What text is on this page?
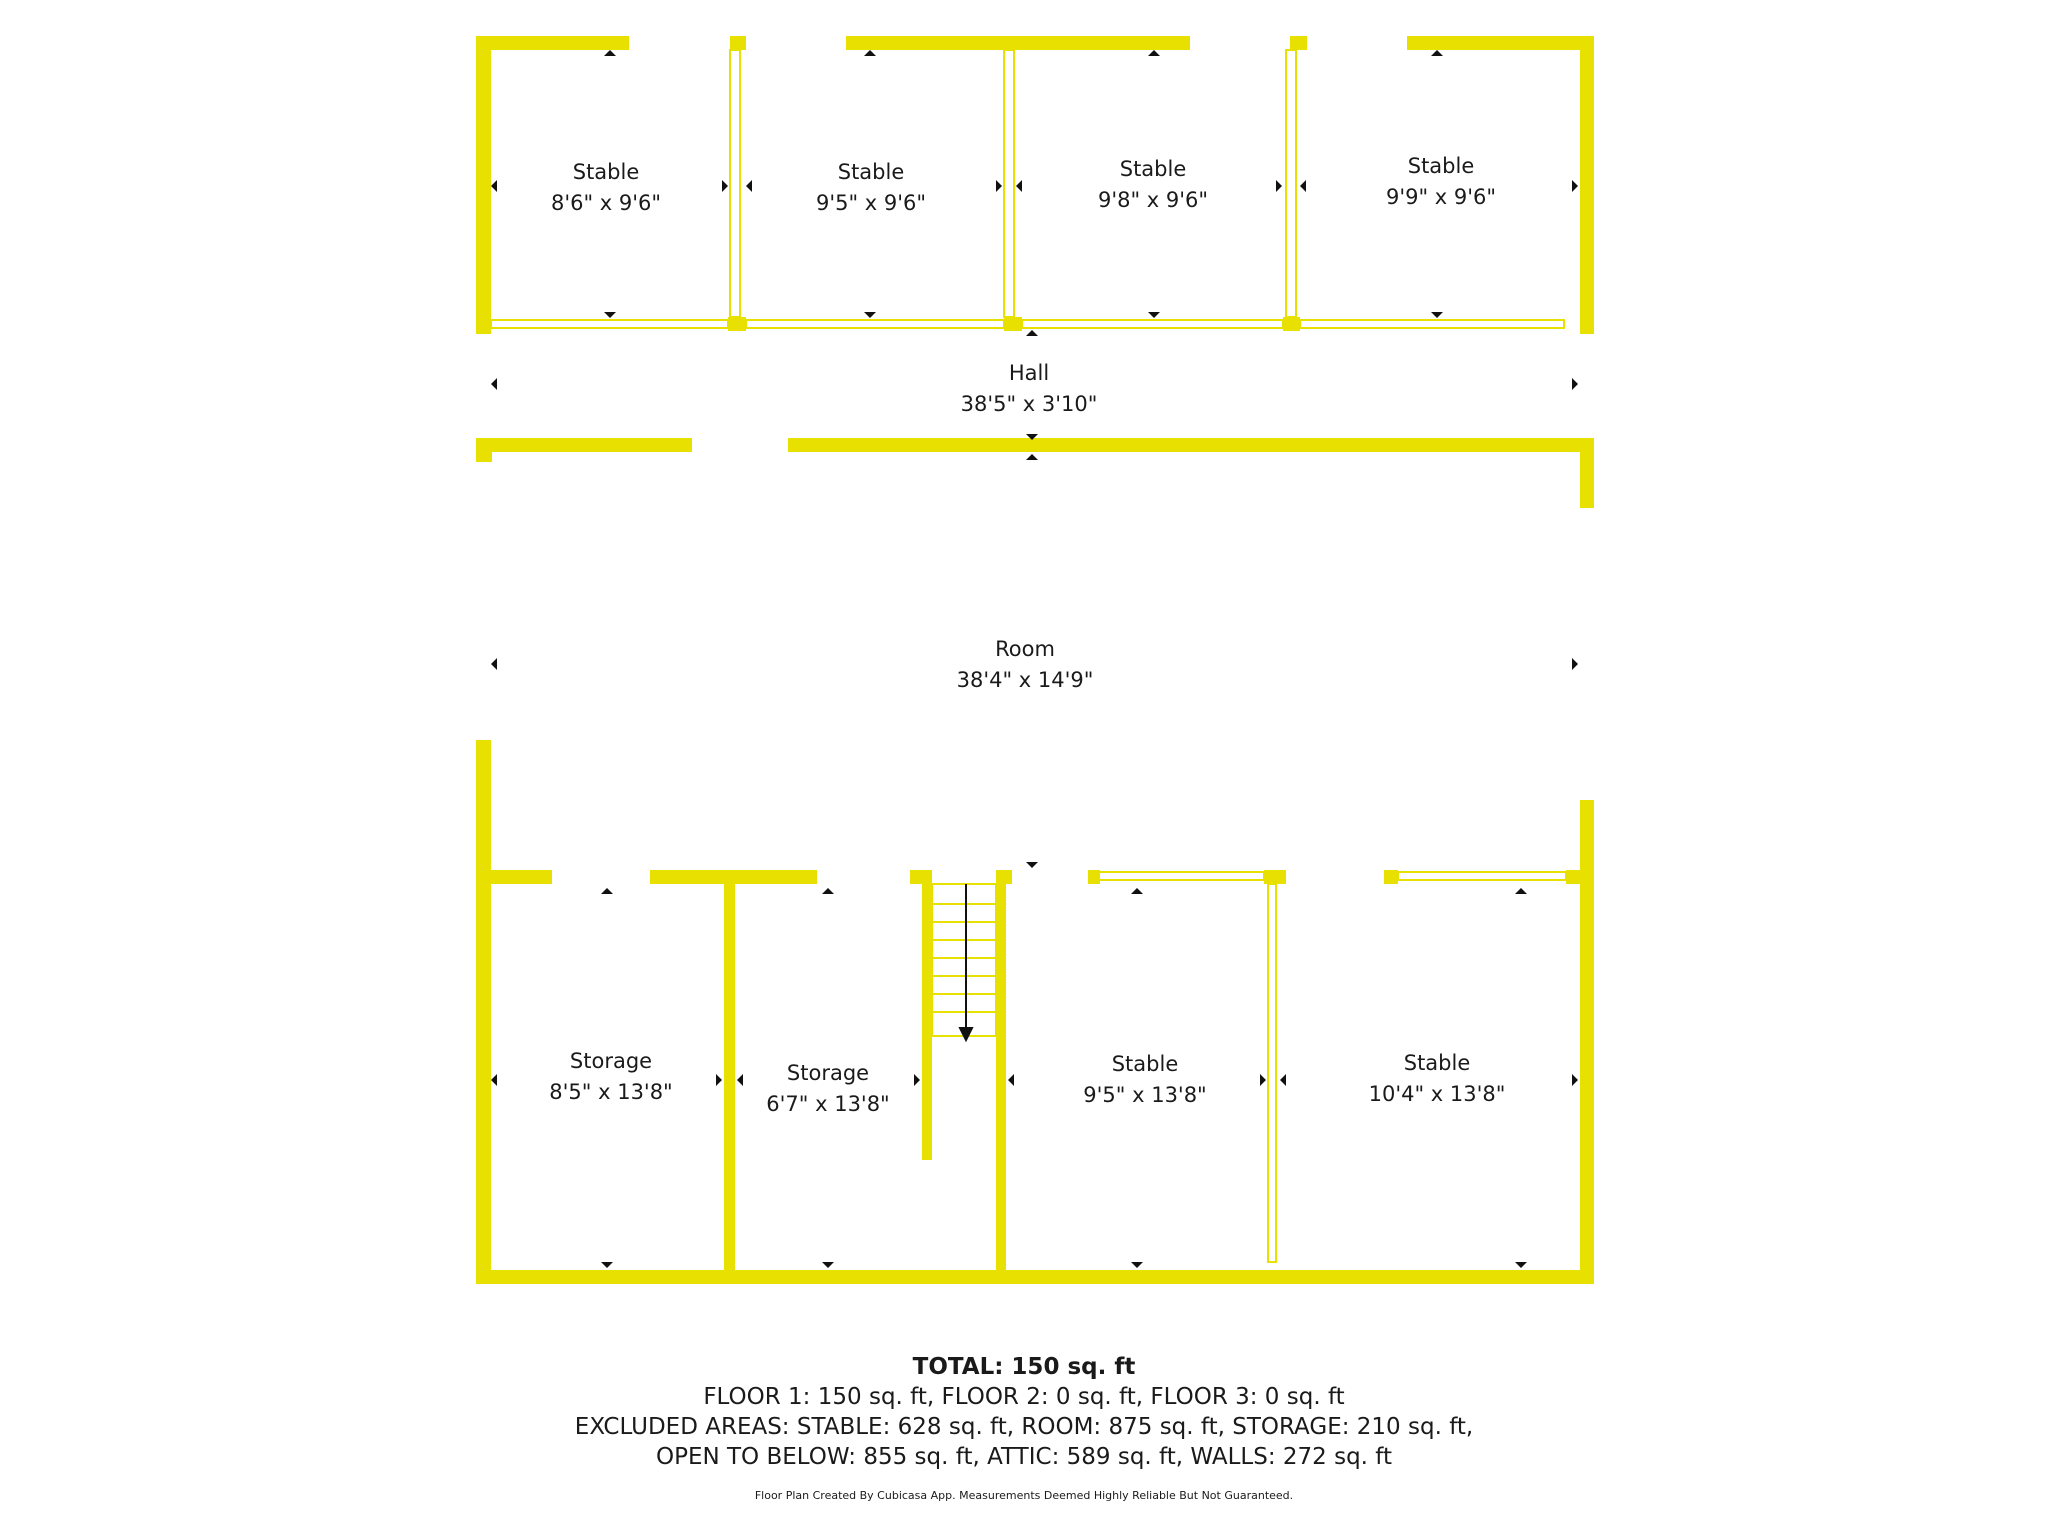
Stable
8'6" x 9'6"
Stable
9'5" x 9'6"
Stable
9'8" x 9'6"
Stable
9'9" x 9'6"
Hall
38'5" x 3'10"
Room
38'4" x 14'9"
Storage
8'5" x 13'8"
Storage
6'7" x 13'8"
Stable
9'5" x 13'8"
Stable
10'4" x 13'8"
TOTAL: 150 sq. ft
FLOOR 1: 150 sq. ft, FLOOR 2: 0 sq. ft, FLOOR 3: 0 sq. ft
EXCLUDED AREAS: STABLE: 628 sq. ft, ROOM: 875 sq. ft, STORAGE: 210 sq. ft,
OPEN TO BELOW: 855 sq. ft, ATTIC: 589 sq. ft, WALLS: 272 sq. ft
Floor Plan Created By Cubicasa App. Measurements Deemed Highly Reliable But Not Guaranteed.
